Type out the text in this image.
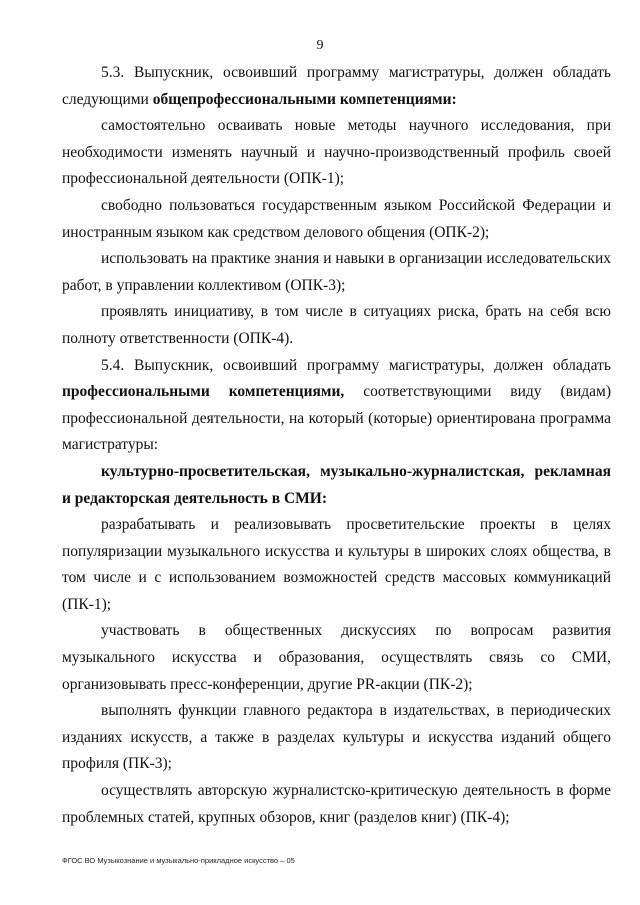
9

5.3. Выпускник, освоивший программу магистратуры, должен обладать следующими общепрофессиональными компетенциями:

самостоятельно осваивать новые методы научного исследования, при необходимости изменять научный и научно-производственный профиль своей профессиональной деятельности (ОПК-1);

свободно пользоваться государственным языком Российской Федерации и иностранным языком как средством делового общения (ОПК-2);

использовать на практике знания и навыки в организации исследовательских работ, в управлении коллективом (ОПК-3);

проявлять инициативу, в том числе в ситуациях риска, брать на себя всю полноту ответственности (ОПК-4).

5.4. Выпускник, освоивший программу магистратуры, должен обладать профессиональными компетенциями, соответствующими виду (видам) профессиональной деятельности, на который (которые) ориентирована программа магистратуры:

культурно-просветительская, музыкально-журналистская, рекламная и редакторская деятельность в СМИ:

разрабатывать и реализовывать просветительские проекты в целях популяризации музыкального искусства и культуры в широких слоях общества, в том числе и с использованием возможностей средств массовых коммуникаций (ПК-1);

участвовать в общественных дискуссиях по вопросам развития музыкального искусства и образования, осуществлять связь со СМИ, организовывать пресс-конференции, другие PR-акции (ПК-2);

выполнять функции главного редактора в издательствах, в периодических изданиях искусств, а также в разделах культуры и искусства изданий общего профиля (ПК-3);

осуществлять авторскую журналистско-критическую деятельность в форме проблемных статей, крупных обзоров, книг (разделов книг) (ПК-4);

ФГОС ВО Музыкознание и музыкально-прикладное искусство – 05
